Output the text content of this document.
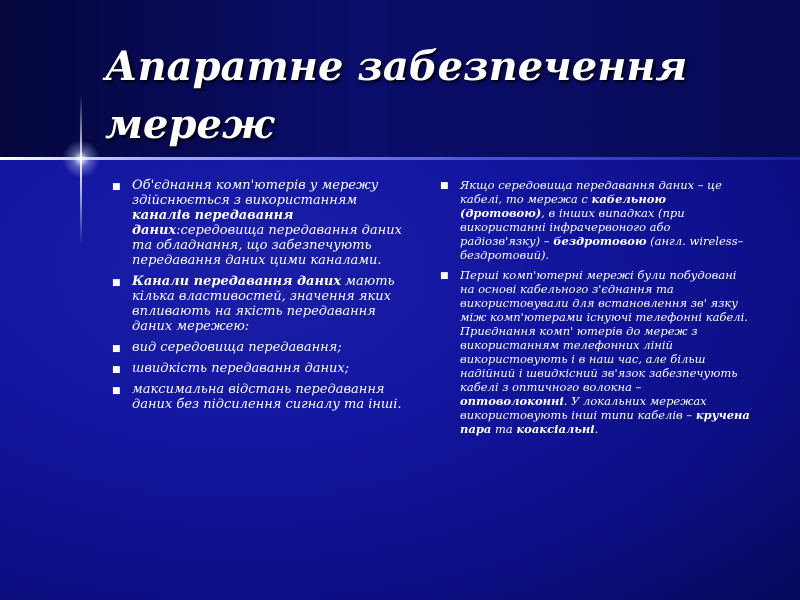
Апаратне забезпечення мереж
■ Об'єднання комп'ютерів у мережу здійснюється з використанням каналів передавання даних:середовища передавання даних та обладнання, що забезпечують передавання даних цими каналами.
■ Канали передавання даних мають кілька властивостей, значення яких впливають на якість передавання даних мережею:
■ вид середовища передавання;
■ швидкість передавання даних;
■ максимальна відстань передавання даних без підсилення сигналу та інші.
■ Якщо середовища передавання даних – це кабелі, то мережа с кабельною (дротовою), в інших випадках (при використанні інфрачервоного або радіозв'язку) – бездротовою (англ. wireless– бездротовий).
■ Перші комп'ютерні мережі були побудовані на основі кабельного з'єднання та використовували для встановлення зв' язку між комп'ютерами існуючі телефонні кабелі. Приєднання комп' ютерів до мереж з використанням телефонних ліній використовують і в наш час, але більш надійний і швидкісний зв'язок забезпечують кабелі з оптичного волокна – оптоволоконні. У локальних мережах використовують інші типи кабелів – кручена пара та коаксіальні.
